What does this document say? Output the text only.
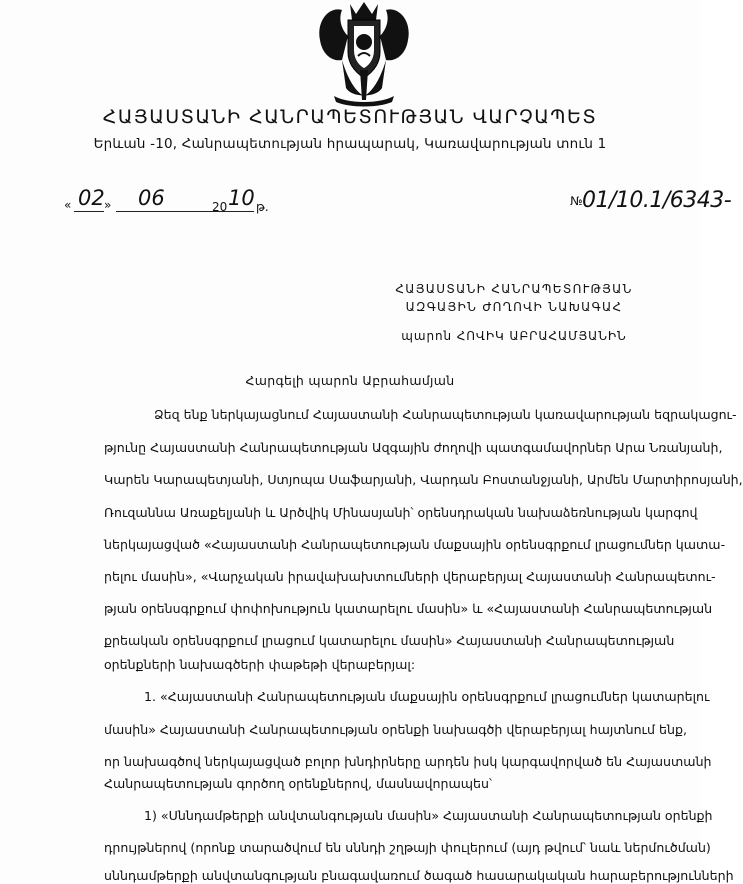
ՀԱՅԱՍՏԱՆԻ ՀԱՆՐԱՊԵՏՈՒԹՅԱՆ ՎԱՐՉԱՊԵՏ
Երևան -10, Հանրապետության հրապարակ, Կառավարության տուն 1
« 02 » 06	20 10 թ.	№01/10.1/6343-
ՀԱՅԱՍՏԱՆԻ ՀԱՆՐԱՊԵՏՈՒԹՅԱՆ
ԱԶԳԱՅԻՆ ԺՈՂՈՎԻ ՆԱԽԱԳԱՀ
պարոն ՀՈՎԻԿ ԱԲՐԱՀԱՄՅԱՆԻՆ
Հարգելի պարոն Աբրահամյան
Ձեզ ենք ներկայացնում Հայաստանի Հանրապետության կառավարության եզրակացու-
թյունը Հայաստանի Հանրապետության Ազգային ժողովի պատգամավորներ Արա Նռանյանի,
Կարեն Կարապետյանի, Ստյոպա Սաֆարյանի, Վարդան Բոստանջյանի, Արմեն Մարտիրոսյանի,
Ռուզաննա Առաքելյանի և Արծվիկ Մինասյանի՝ օրենսդրական նախաձեռնության կարգով
ներկայացված «Հայաստանի Հանրապետության մաքսային օրենսգրքում լրացումներ կատա-
րելու մասին», «Վարչական իրավախախտումների վերաբերյալ Հայաստանի Հանրապետու-
թյան օրենսգրքում փոփոխություն կատարելու մասին» և «Հայաստանի Հանրապետության
քրեական օրենսգրքում լրացում կատարելու մասին» Հայաստանի Հանրապետության
օրենքների նախագծերի փաթեթի վերաբերյալ:
1. «Հայաստանի Հանրապետության մաքսային օրենսգրքում լրացումներ կատարելու
մասին» Հայաստանի Հանրապետության օրենքի նախագծի վերաբերյալ հայտնում ենք,
որ նախագծով ներկայացված բոլոր խնդիրները արդեն իսկ կարգավորված են Հայաստանի
Հանրապետության գործող օրենքներով, մասնավորապես՝
1) «Սննդամթերքի անվտանգության մասին» Հայաստանի Հանրապետության օրենքի
դրույթներով (որոնք տարածվում են սննդի շղթայի փուլերում (այդ թվում՝ նաև ներմուծման)
սննդամթերքի անվտանգության բնագավառում ծագած հասարակական հարաբերությունների
